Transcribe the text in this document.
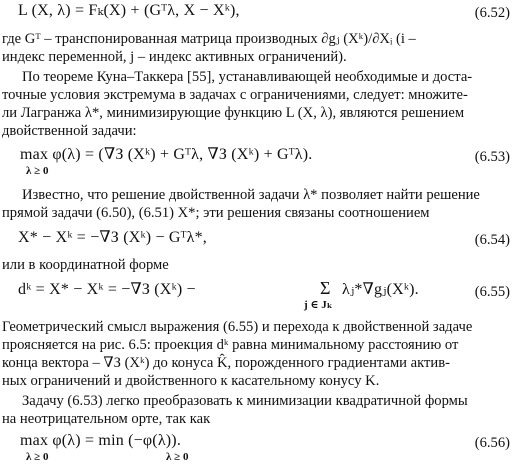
L (X, λ) = Fₖ(X) + (Gᵀλ, X − Xᵏ),	(6.52)
где Gᵀ – транспонированная матрица производных ∂gⱼ (Xᵏ)/∂Xᵢ (i –
индекс переменной, j – индекс активных ограничений).
По теореме Куна–Таккера [55], устанавливающей необходимые и доста-
точные условия экстремума в задачах с ограничениями, следует: множите-
ли Лагранжа λ*, минимизирующие функцию L (X, λ), являются решением
двойственной задачи:
max φ(λ) = (∇З (Xᵏ) + Gᵀλ, ∇З (Xᵏ) + Gᵀλ).
λ ≥ 0
(6.53)
Известно, что решение двойственной задачи λ* позволяет найти решение
прямой задачи (6.50), (6.51) X*; эти решения связаны соотношением
X* − Xᵏ = −∇З (Xᵏ) − Gᵀλ*,	(6.54)
или в координатной форме
dᵏ = X* − Xᵏ = −∇З (Xᵏ) −	Σ λⱼ*∇gⱼ(Xᵏ).
j ∈ Jₖ
(6.55)
Геометрический смысл выражения (6.55) и перехода к двойственной задаче
проясняется на рис. 6.5: проекция dᵏ равна минимальному расстоянию от
конца вектора – ∇З (Xᵏ) до конуса K̂, порожденного градиентами актив-
ных ограничений и двойственного к касательному конусу K.
Задачу (6.53) легко преобразовать к минимизации квадратичной формы
на неотрицательном орте, так как
max φ(λ) = min (−φ(λ)).
λ ≥ 0	λ ≥ 0
(6.56)
